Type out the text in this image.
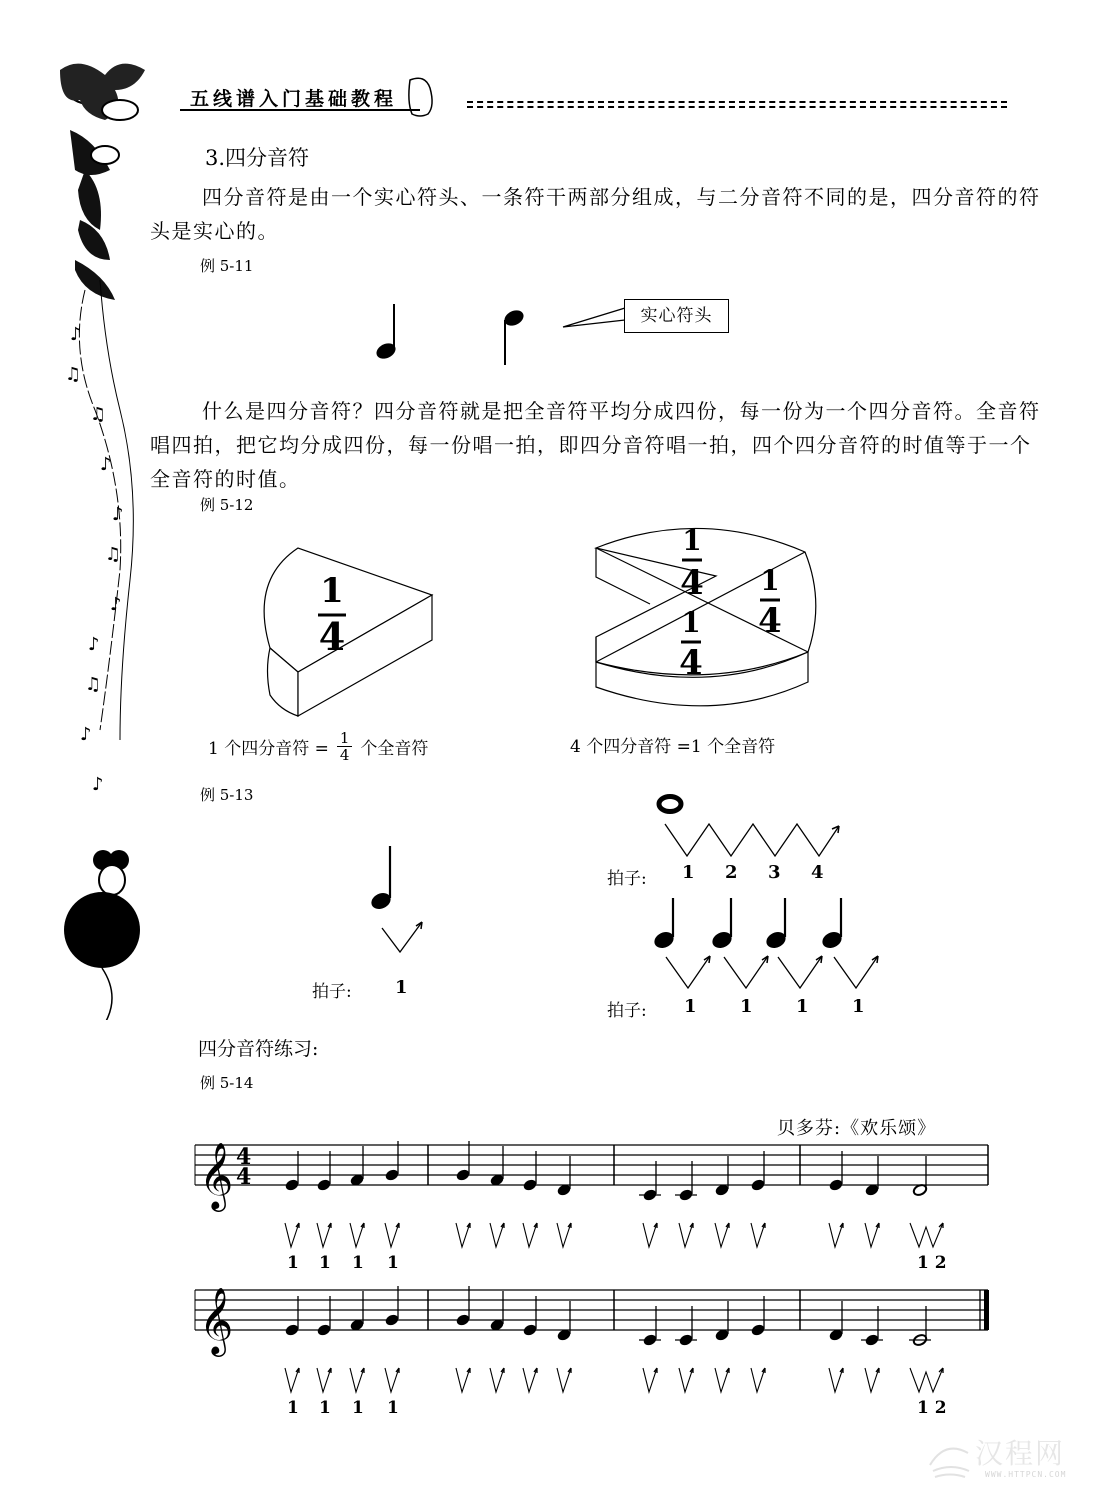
♪
♫
♫
♪
♪
♫
♪
♪
♫
♪
♪
五线谱入门基础教程
3.四分音符
四分音符是由一个实心符头、一条符干两部分组成，与二分音符不同的是，四分音符的符头是实心的。
例 5-11
实心符头
什么是四分音符？四分音符就是把全音符平均分成四份，每一份为一个四分音符。全音符唱四拍，把它均分成四份，每一份唱一拍，即四分音符唱一拍，四个四分音符的时值等于一个全音符的时值。
例 5-12
1
4
1
4 1
4
1
4
1 个四分音符 = $\frac{1}{4}$ 个全音符	4 个四分音符 =1 个全音符
例 5-13
拍子: 1
拍子: 1 2 3 4
拍子: 1 1 1 1
四分音符练习:
例 5-14
贝多芬:《欢乐颂》
𝄞 4
4
1 1 1 1	1 2
𝄞
1 1 1 1	1 2
汉程网
WWW.HTTPCN.COM
